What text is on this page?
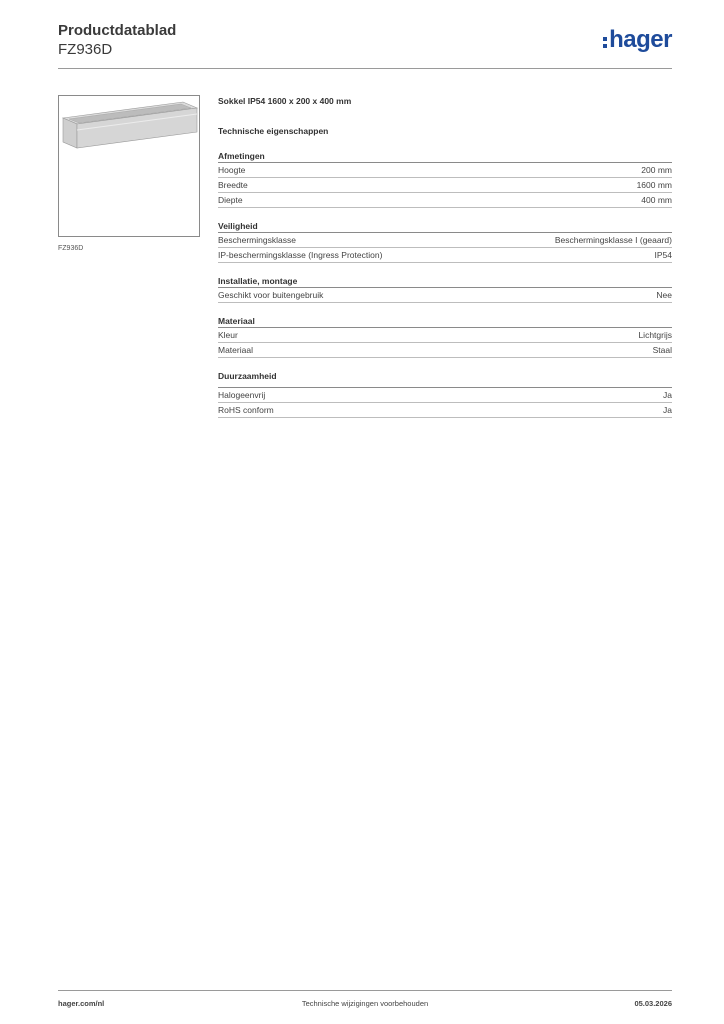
Productdatablad
FZ936D	hager
FZ936D
Sokkel IP54 1600 x 200 x 400 mm
Technische eigenschappen
Afmetingen
Hoogte	200 mm
Breedte	1600 mm
Diepte	400 mm
Veiligheid
Beschermingsklasse	Beschermingsklasse I (geaard)
IP-beschermingsklasse (Ingress Protection)	IP54
Installatie, montage
Geschikt voor buitengebruik	Nee
Materiaal
Kleur	Lichtgrijs
Materiaal	Staal
Duurzaamheid
Halogeenvrij	Ja
RoHS conform	Ja
hager.com/nl	Technische wijzigingen voorbehouden	05.03.2026
